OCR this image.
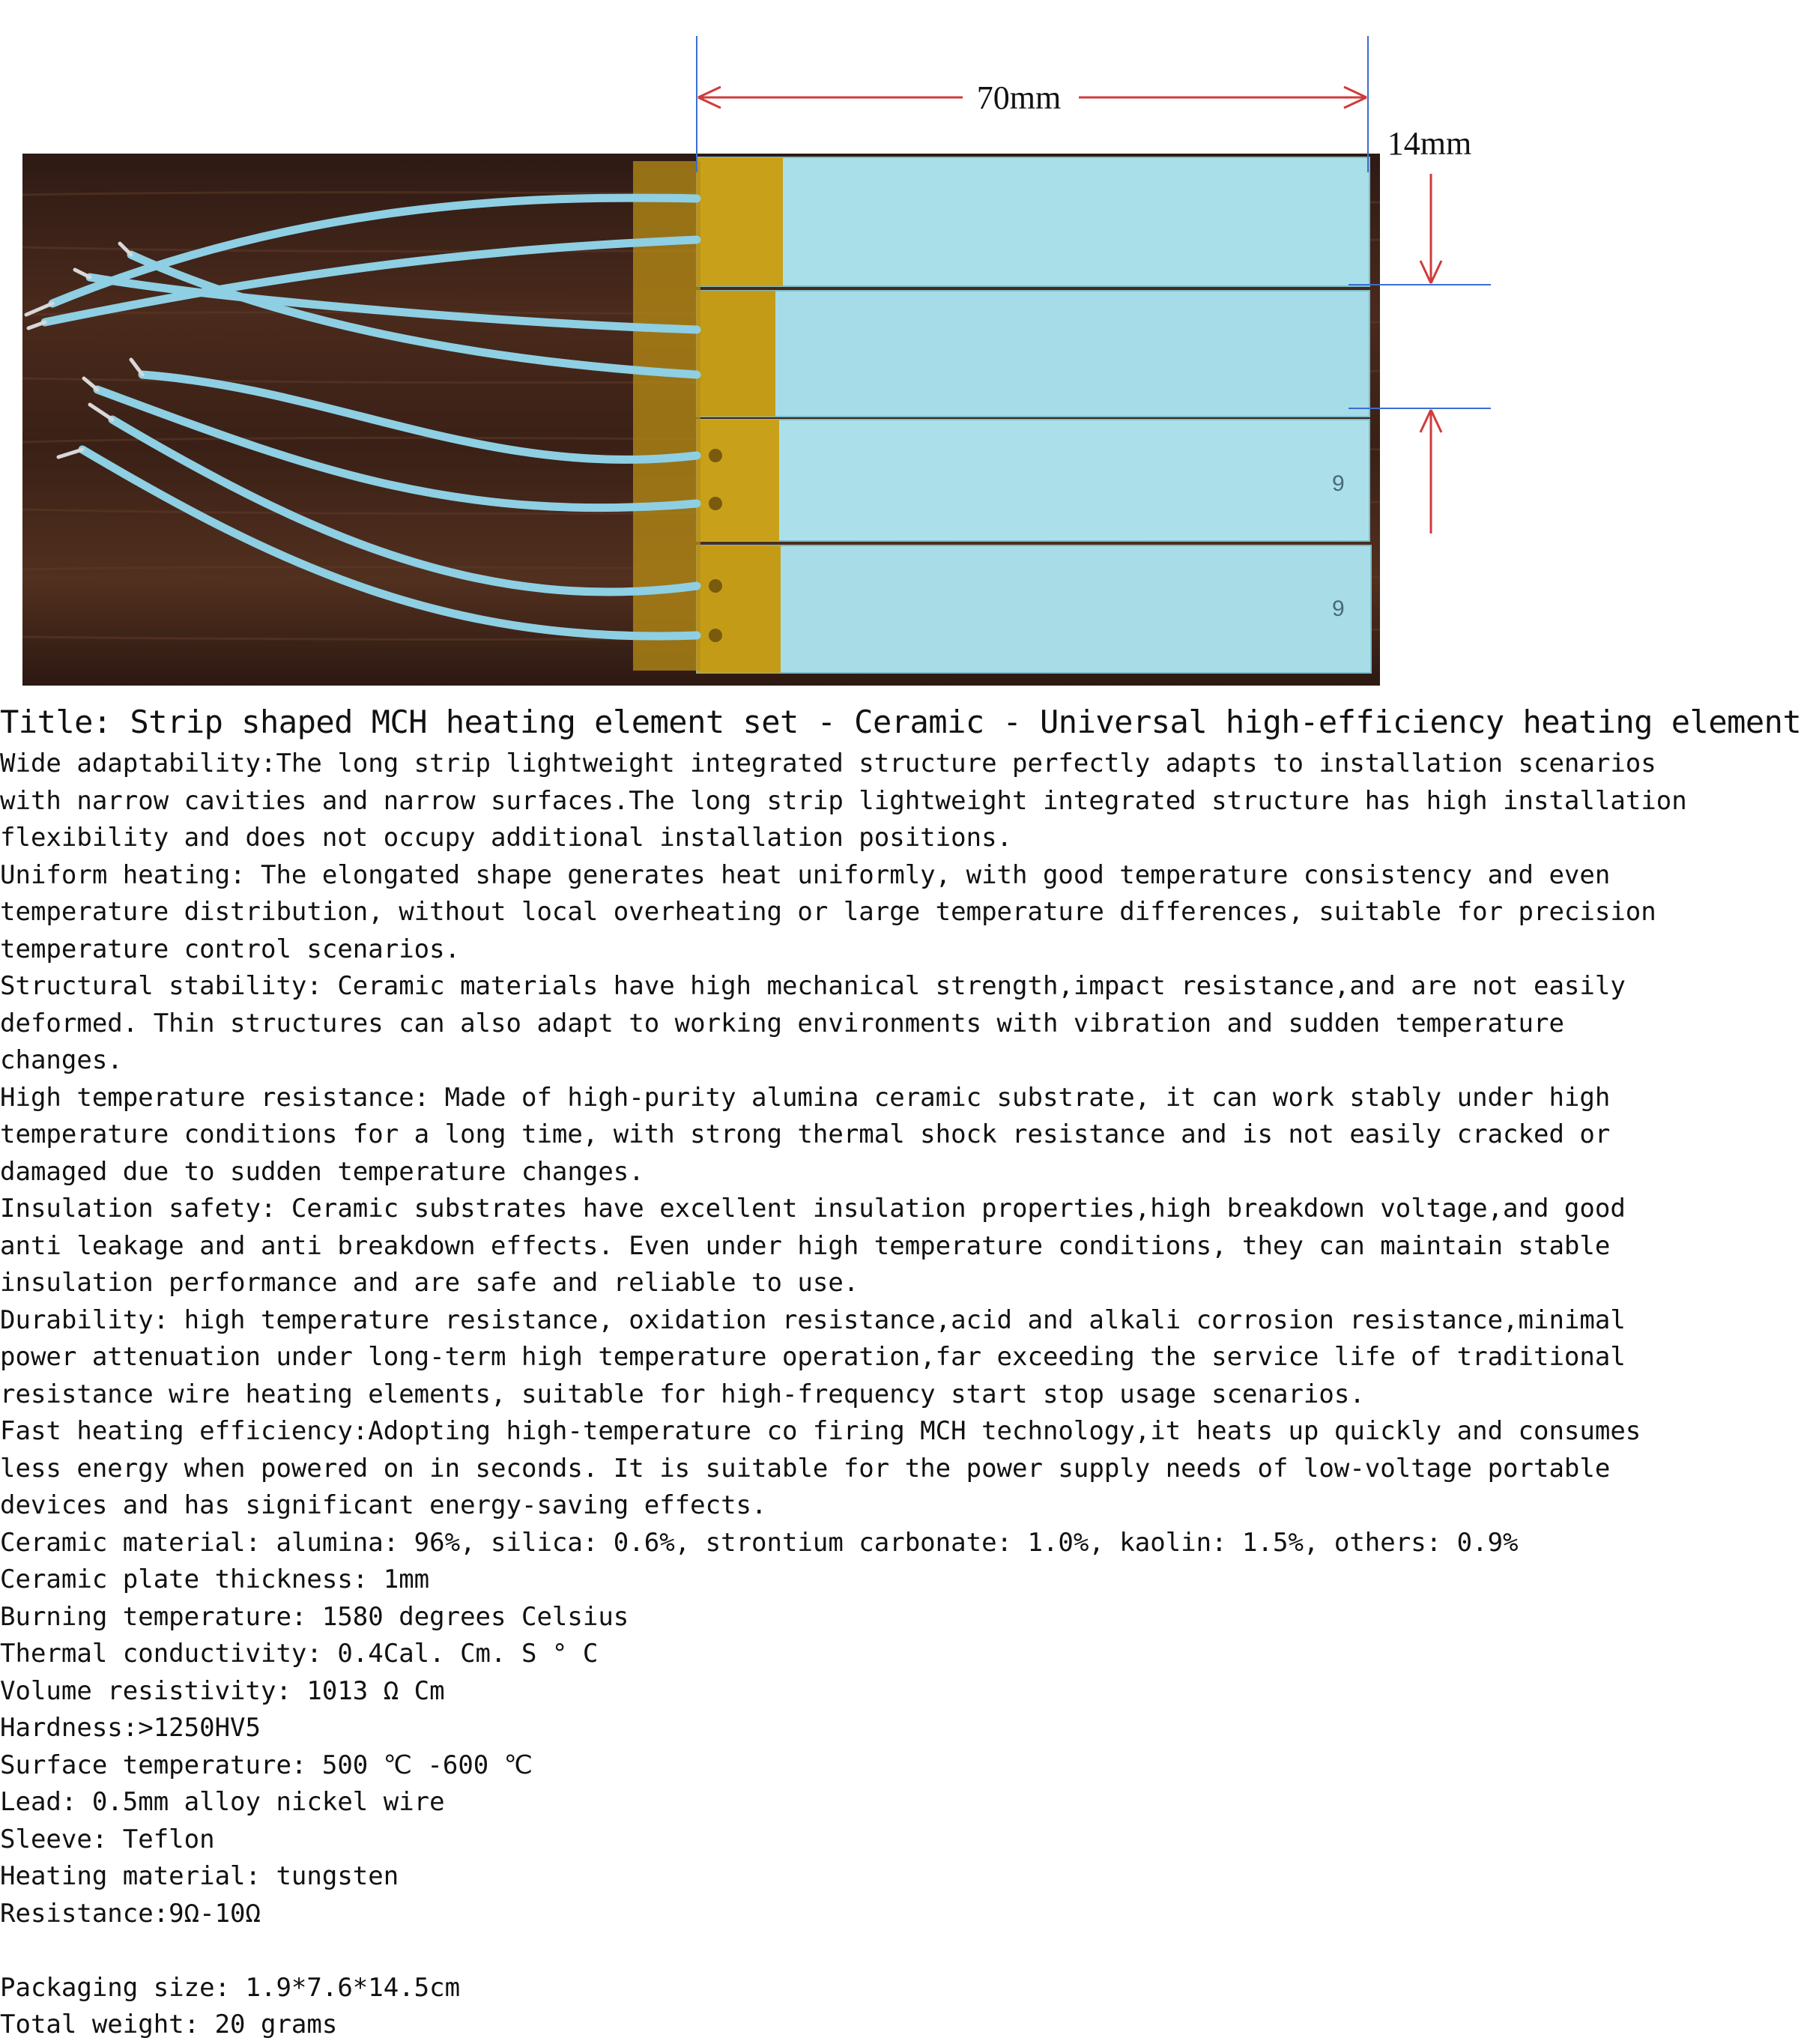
9
9
70mm
14mm
Title: Strip shaped MCH heating element set - Ceramic - Universal high-efficiency heating element

Wide adaptability:The long strip lightweight integrated structure perfectly adapts to installation scenarios with narrow cavities and narrow surfaces.The long strip lightweight integrated structure has high installation flexibility and does not occupy additional installation positions.

Uniform heating: The elongated shape generates heat uniformly, with good temperature consistency and even temperature distribution, without local overheating or large temperature differences, suitable for precision temperature control scenarios.

Structural stability: Ceramic materials have high mechanical strength,impact resistance,and are not easily deformed. Thin structures can also adapt to working environments with vibration and sudden temperature changes.

High temperature resistance: Made of high-purity alumina ceramic substrate, it can work stably under high temperature conditions for a long time, with strong thermal shock resistance and is not easily cracked or damaged due to sudden temperature changes.

Insulation safety: Ceramic substrates have excellent insulation properties,high breakdown voltage,and good anti leakage and anti breakdown effects. Even under high temperature conditions, they can maintain stable insulation performance and are safe and reliable to use.

Durability: high temperature resistance, oxidation resistance,acid and alkali corrosion resistance,minimal power attenuation under long-term high temperature operation,far exceeding the service life of traditional resistance wire heating elements, suitable for high-frequency start stop usage scenarios.

Fast heating efficiency:Adopting high-temperature co firing MCH technology,it heats up quickly and consumes less energy when powered on in seconds. It is suitable for the power supply needs of low-voltage portable devices and has significant energy-saving effects.

Ceramic material: alumina: 96%, silica: 0.6%, strontium carbonate: 1.0%, kaolin: 1.5%, others: 0.9%

Ceramic plate thickness: 1mm

Burning temperature: 1580 degrees Celsius

Thermal conductivity: 0.4Cal. Cm. S ° C

Volume resistivity: 1013 Ω Cm

Hardness:>1250HV5

Surface temperature: 500 ℃ -600 ℃

Lead: 0.5mm alloy nickel wire

Sleeve: Teflon

Heating material: tungsten

Resistance:9Ω-10Ω

Packaging size: 1.9*7.6*14.5cm

Total weight: 20 grams
